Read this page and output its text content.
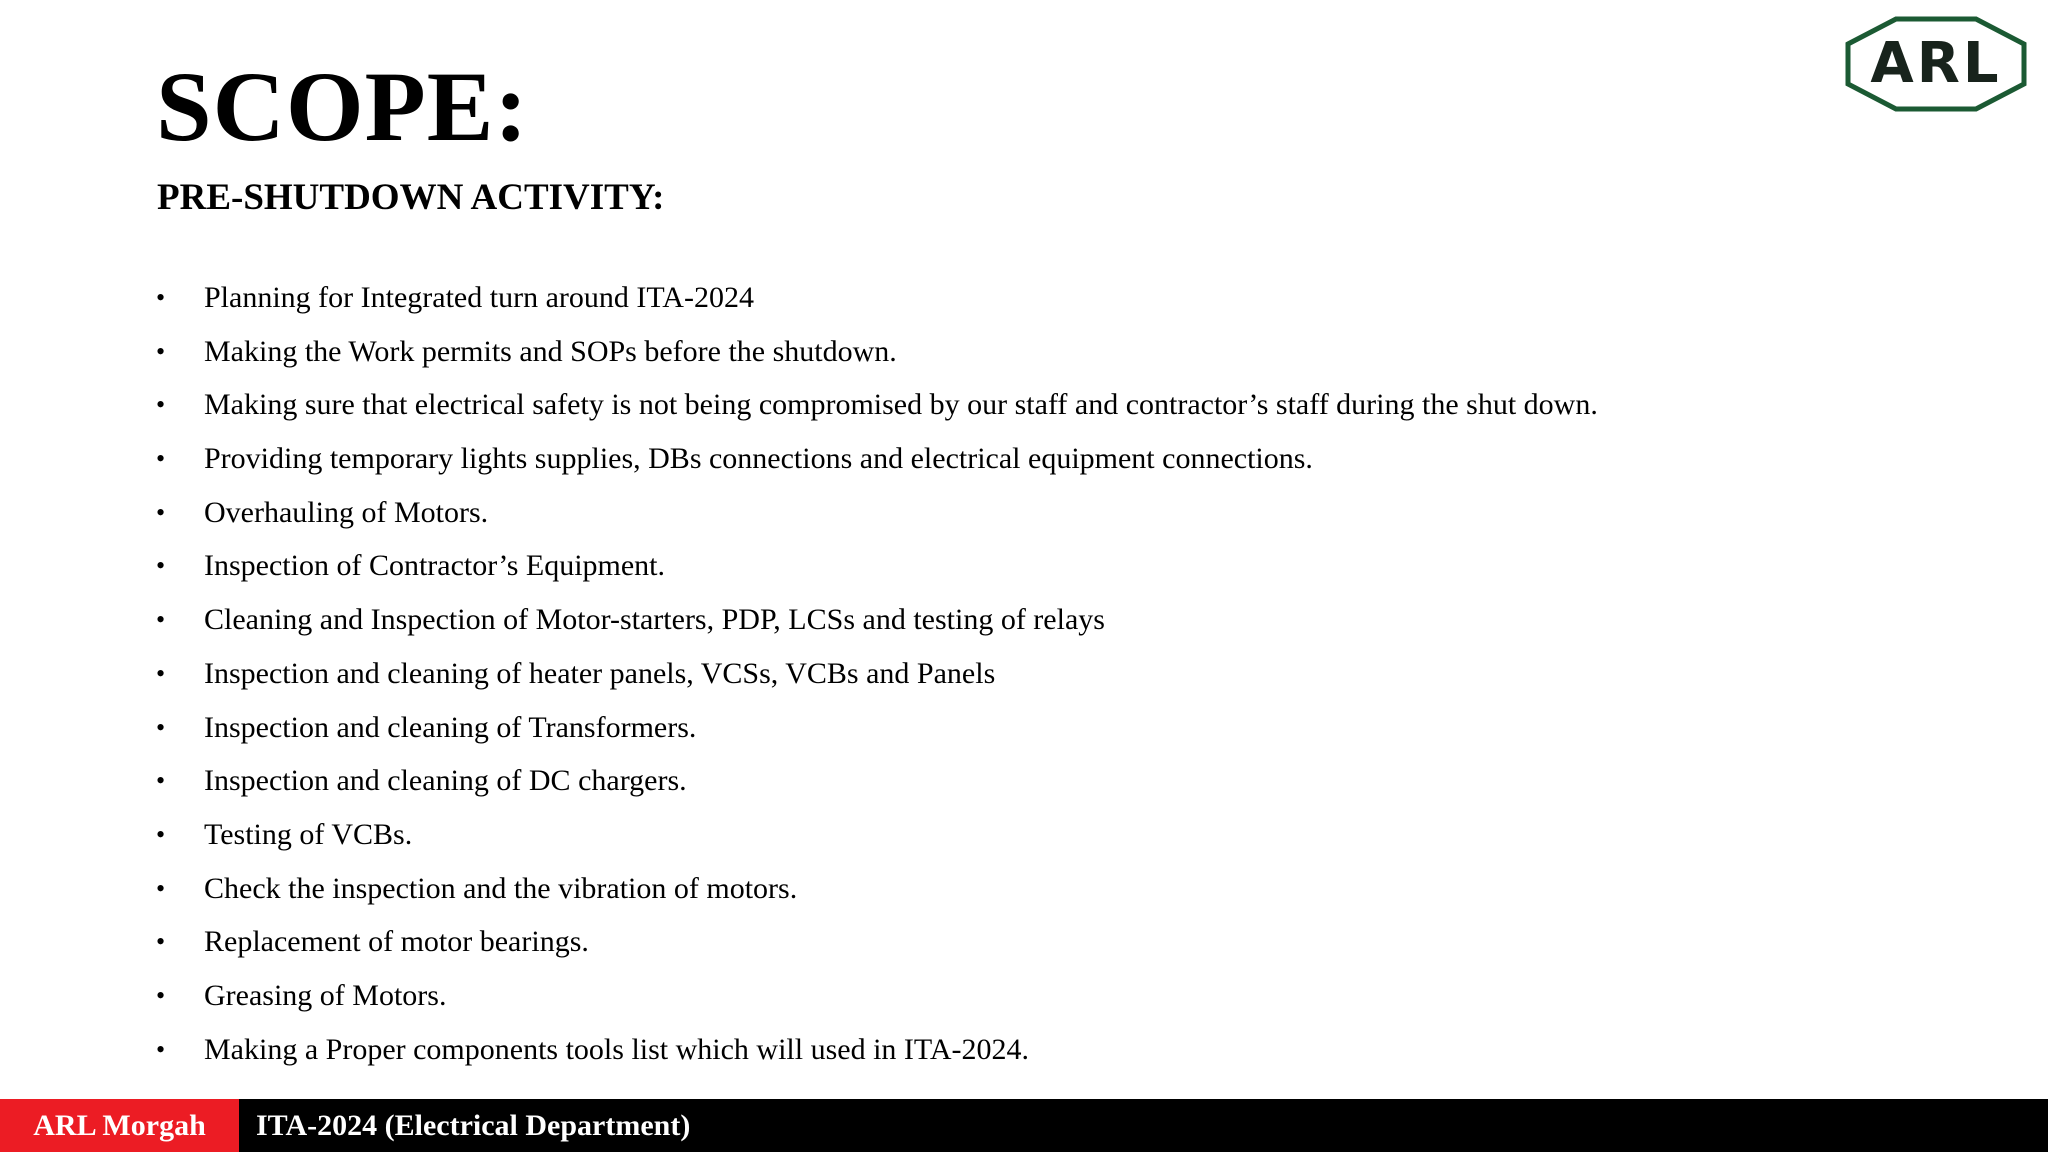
SCOPE:
PRE-SHUTDOWN ACTIVITY:
• Planning for Integrated turn around ITA-2024
• Making the Work permits and SOPs before the shutdown.
• Making sure that electrical safety is not being compromised by our staff and contractor’s staff during the shut down.
• Providing temporary lights supplies, DBs connections and electrical equipment connections.
• Overhauling of Motors.
• Inspection of Contractor’s Equipment.
• Cleaning and Inspection of Motor-starters, PDP, LCSs and testing of relays
• Inspection and cleaning of heater panels, VCSs, VCBs and Panels
• Inspection and cleaning of Transformers.
• Inspection and cleaning of DC chargers.
• Testing of VCBs.
• Check the inspection and the vibration of motors.
• Replacement of motor bearings.
• Greasing of Motors.
• Making a Proper components tools list which will used in ITA-2024.
ARL
ARL Morgah	ITA-2024 (Electrical Department)
